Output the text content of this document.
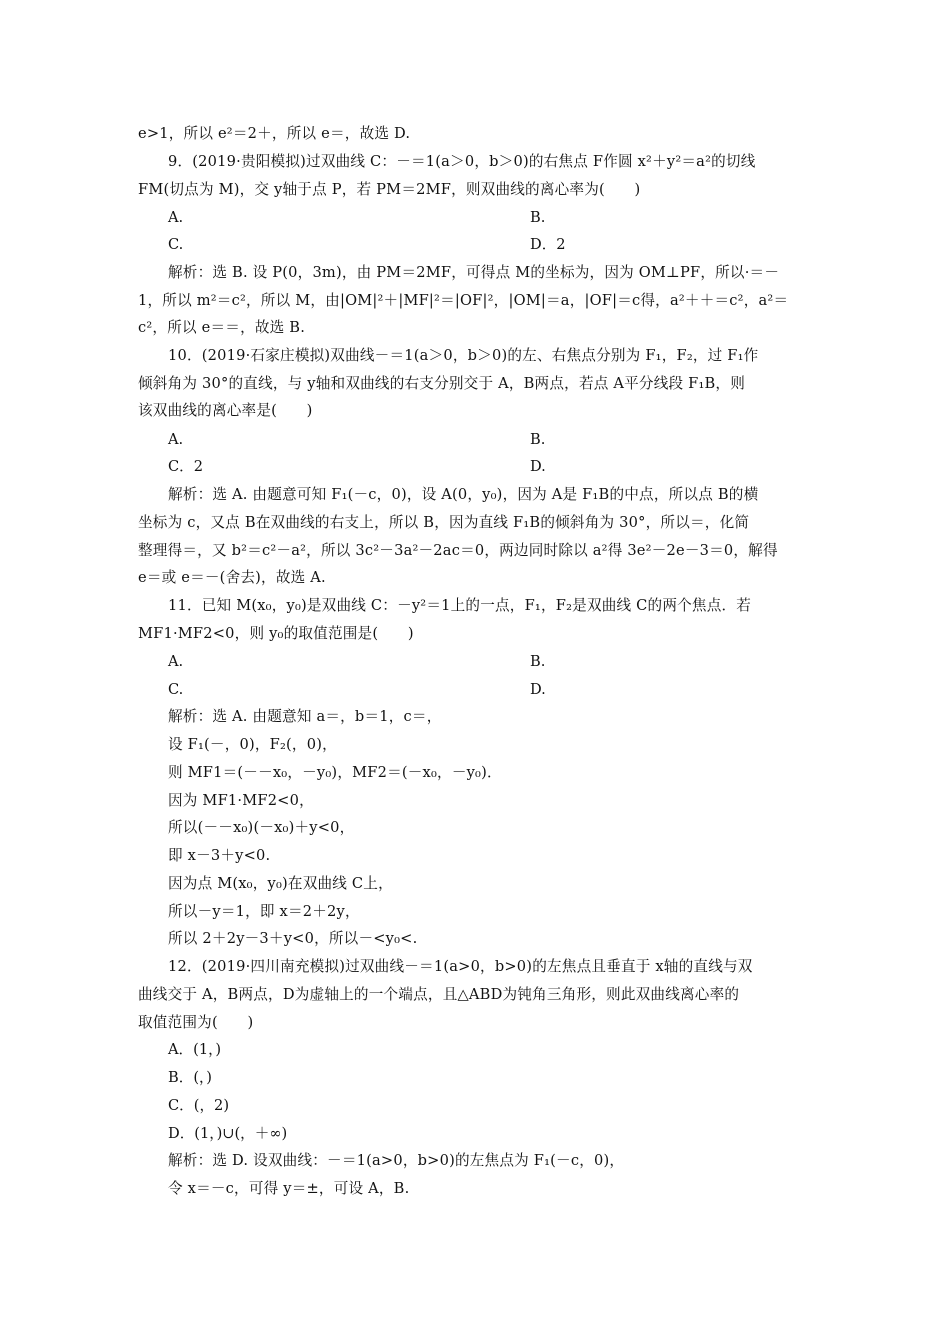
e>1，所以 e²＝2＋，所以 e＝，故选 D.
9．(2019·贵阳模拟)过双曲线 C：－＝1(a＞0，b＞0)的右焦点 F作圆 x²＋y²＝a²的切线
FM(切点为 M)，交 y轴于点 P，若 PM＝2MF，则双曲线的离心率为(　　)
A.	B.
C.	D．2
解析：选 B. 设 P(0，3m)，由 PM＝2MF，可得点 M的坐标为，因为 OM⊥PF，所以·＝－
1，所以 m²＝c²，所以 M，由|OM|²＋|MF|²＝|OF|²，|OM|＝a，|OF|＝c得，a²＋＋＝c²，a²＝
c²，所以 e＝＝，故选 B.
10．(2019·石家庄模拟)双曲线－＝1(a＞0，b＞0)的左、右焦点分别为 F₁，F₂，过 F₁作
倾斜角为 30°的直线，与 y轴和双曲线的右支分别交于 A，B两点，若点 A平分线段 F₁B，则
该双曲线的离心率是(　　)
A.	B.
C．2	D.
解析：选 A. 由题意可知 F₁(－c，0)，设 A(0，y₀)，因为 A是 F₁B的中点，所以点 B的横
坐标为 c，又点 B在双曲线的右支上，所以 B，因为直线 F₁B的倾斜角为 30°，所以＝，化简
整理得＝，又 b²＝c²－a²，所以 3c²－3a²－2ac＝0，两边同时除以 a²得 3e²－2e－3＝0，解得
e＝或 e＝－(舍去)，故选 A.
11．已知 M(x₀，y₀)是双曲线 C：－y²＝1上的一点，F₁，F₂是双曲线 C的两个焦点．若
MF1·MF2<0，则 y₀的取值范围是(　　)
A.	B.
C.	D.
解析：选 A. 由题意知 a＝，b＝1，c＝，
设 F₁(－，0)，F₂(，0)，
则 MF1＝(－－x₀，－y₀)，MF2＝(－x₀，－y₀)．
因为 MF1·MF2<0，
所以(－－x₀)(－x₀)＋y<0，
即 x－3＋y<0.
因为点 M(x₀，y₀)在双曲线 C上，
所以－y＝1，即 x＝2＋2y，
所以 2＋2y－3＋y<0，所以－<y₀<.
12．(2019·四川南充模拟)过双曲线－＝1(a>0，b>0)的左焦点且垂直于 x轴的直线与双
曲线交于 A，B两点，D为虚轴上的一个端点，且△ABD为钝角三角形，则此双曲线离心率的
取值范围为(　　)
A．(1，)
B．(，)
C．(，2)
D．(1，)∪(，＋∞)
解析：选 D. 设双曲线：－＝1(a>0，b>0)的左焦点为 F₁(－c，0)，
令 x＝－c，可得 y＝±，可设 A，B.
